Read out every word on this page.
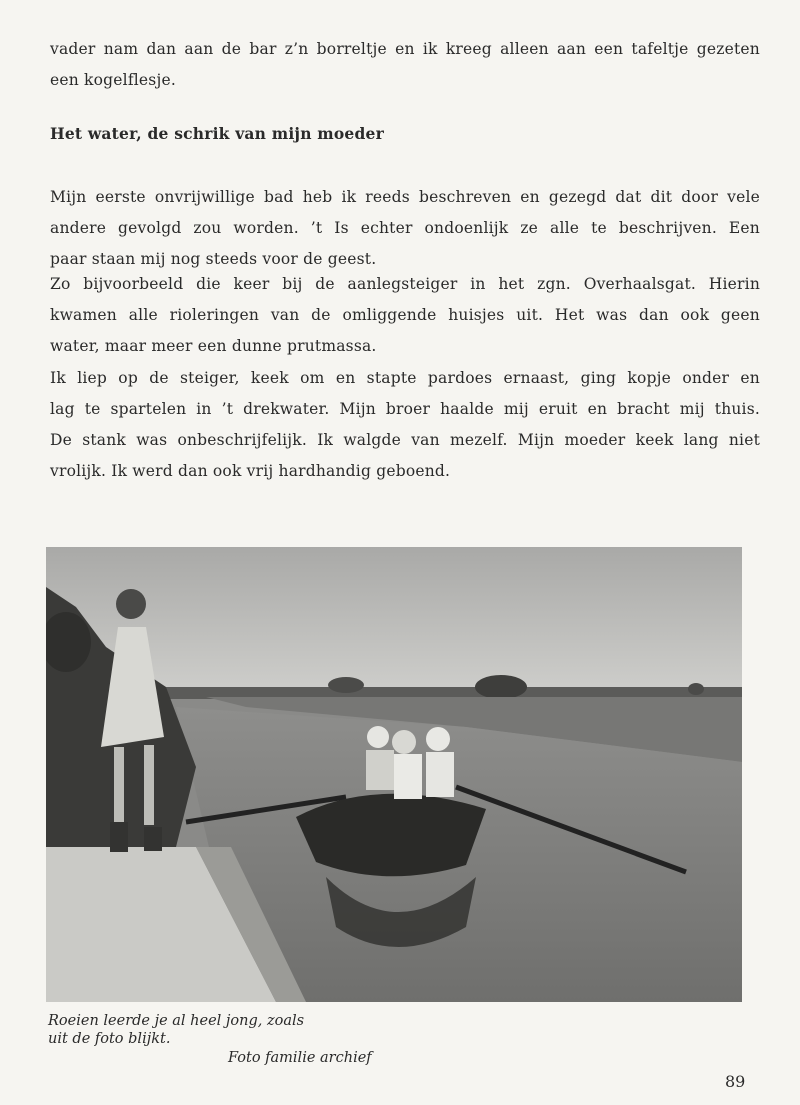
vader nam dan aan de bar z’n borreltje en ik kreeg alleen aan een tafeltje gezeten
een kogelflesje.
Het water, de schrik van mijn moeder
Mijn eerste onvrijwillige bad heb ik reeds beschreven en gezegd dat dit door vele
andere gevolgd zou worden. ’t Is echter ondoenlijk ze alle te beschrijven. Een
paar staan mij nog steeds voor de geest.
Zo bijvoorbeeld die keer bij de aanlegsteiger in het zgn. Overhaalsgat. Hierin
kwamen alle rioleringen van de omliggende huisjes uit. Het was dan ook geen
water, maar meer een dunne prutmassa.
Ik liep op de steiger, keek om en stapte pardoes ernaast, ging kopje onder en
lag te spartelen in ’t drekwater. Mijn broer haalde mij eruit en bracht mij thuis.
De stank was onbeschrijfelijk. Ik walgde van mezelf. Mijn moeder keek lang niet
vrolijk. Ik werd dan ook vrij hardhandig geboend.
Roeien leerde je al heel jong, zoals
uit de foto blijkt.
Foto familie archief
89
